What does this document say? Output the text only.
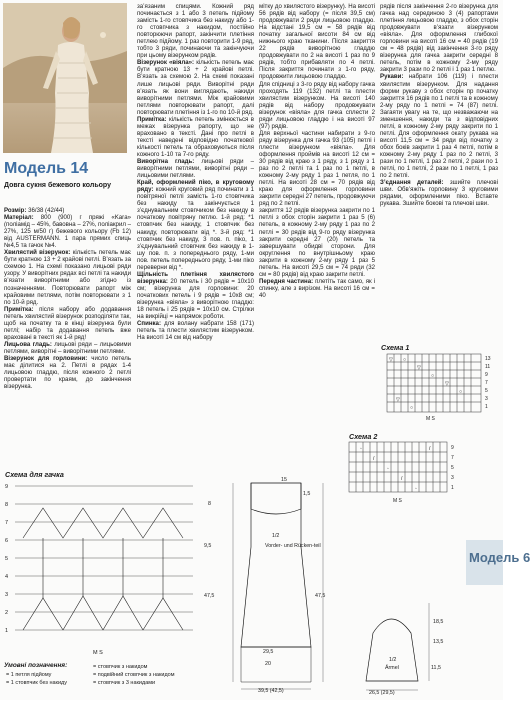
Модель 14
Довга сукня бежевого кольору

Розмір: 36/38 (42/44)

Матеріал: 800 (900) г пряжі «Kara» (поліамід – 45%, бавовна – 27%, поліакрил – 27%, 125 м/50 г) бежевого кольору (Fb 12) від AUSTERMANN. 1 пара прямих спиць №4,5 та гачок №4.

Хвилястий візерунок: кількість петель має бути кратною 13 + 2 крайові петлі. В’язать за схемою 1. На схемі показано лицьові ряди узору. У виворітних рядах всі петлі та накиди в’язати виворітними або згідно із позначеннями. Повторювати рапорт між крайовими петлями, потім повторювати з 1 по 10-й ряд.

Примітка: після набору або додавання петель хвилястий візерунок розподіляти так, щоб на початку та в кінці візерунка були петлі; набір та додавання петель вже враховані в тексті як 1-й ряд!

Лицьова гладь: лицьові ряди – лицьовими петлями, виворітні – виворітними петлями.

Візерунок для горловини: число петель має ділитися на 2. Петлі в рядах 1-4 лицьовою гладдю, після кожного 2 петлі провертати по краям, до закінчення візерунка.

за’язаним спицями. Кожний ряд починається з 1 або 3 петель підйому замість 1-го стовпчика без накиду або 1-го стовпчика з накидом, постійно повторюючи рапорт, закінчити плетіння петлею підйому. 1 раз повторити 1-9 ряд, тобто 3 ряди, починаючи та закінчуючи при цьому візерунком рядів.

Візерунок «віяла»: кількість петель має бути кратною 13 + 2 крайові петлі. В’язать за схемою 2. На схемі показані лише лицьові ряди. Виворітні ряди в’язать як вони виглядають, накиди виворітними петлями. Між крайовими петлями повторювати рапорт, далі повторювати плетіння із 1-го по 10-й ряд.

Примітка: кількість петель змінюється в межах візерунка рапорту, що не враховано в тексті. Дані про петлі в тексті наведені відповідно початкової кількості петель та обраховуються після кожного 1-10 та 7-го ряду.

Виворітна гладь: лицьові ряди – виворітними петлями, виворітні ряди – лицьовими петлями.

Край, оформлений піко, в круговому ряду: кожний круговий ряд починати з 1 повітряної петлі замість 1-го стовпчика без накиду та закінчується 1 з’єднувальним стовпчиком без накиду в початкову повітряну петлю. 1-й ряд: *1 стовпчик без накиду, 1 стовпчик без накиду, повторювати від *. 3-й ряд: *1 стовпчик без накиду, 3 пов. п. піко, 1 з’єднувальний стовпчик без накиду в 1-шу пов. п. з попереднього ряду, 1-ми пов. петель попереднього ряду, 1-ми піко переверни від *.

Щільність плетіння хвилястого візерунка: 20 петель і 30 рядів = 10х10 см; візерунка для горловини: 20 початкових петель і 9 рядів = 10х8 см; візерунка «віяла» з виворітною гладдю: 18 петель і 25 рядів = 10х10 см. Стрілки на викрійці = напрямок роботи.

Спинка: для волану набрати 158 (171) петель та плести хвилястим візерунком. На висоті 14 см від набору

мітку до хвилястого візерунку). На висоті 56 рядів від набору (= після 39,5 см) продовжувати 2 ряди лицьовою гладдю. На відстані 19,5 см = 58 рядів від початку загальної висоти 84 см від нижнього краю тканини. Після закриття 22 рядів виворітною гладдю продовжувати по 2 на висоті 1 раз по 9 рядів, тобто прибавляти по 4 петлі. Після закриття починати з 1-го ряду, продовжити лицьовою гладдю.

Для спідниці з 3-го ряду від набору гачка проходять 119 (132) петлі та плести хвилястим візерунком. На висоті 140 рядів від набору продовжувати візерунок «віяла» для гачка сплести 2 ряди лицьовою гладдю і на висоті 97 (97) рядів.

Для верхньої частини набирати з 9-го ряду візерунка для гачка 93 (105) петлі і плести візерунком «віяла». Для оформлення проймів на висоті 12 см = 30 рядів від краю з 1 ряду, з 1 ряду з 1 раз по 2 петлі та 1 раз по 1 петлі, в кожному 2-му ряду 1 раз 1 петля, по 1 петлі. На висоті 28 см = 70 рядів від краю для оформлення горловини закрити середні 27 петель, продовжуючи ряд по 2 петлі.

закриття 12 рядів візерунка закрити по 1 петлі з обох сторін закрити 1 раз 5 (6) петель, в кожному 2-му ряду 1 раз по 2 петлі = 30 рядів від 9-го ряду візерунка закрити середні 27 (20) петель та завершувати обидві сторони. Для округлення по внутрішньому краю закрити в кожному 2-му ряду 1 раз 5 петель. На висоті 29,5 см = 74 ряди (32 см = 80 рядів) від краю закрити петлі.

Передня частина: плетіть так само, як і спинку, але з вирізом. На висоті 16 см = 40

рядів після закінчення 2-го візерунка для гачка над серединою 3 (4) рапортами плетіння лицьовою гладдю, з обох сторін продовжувати в’язати візерунком «віяла». Для оформлення глибокої горловини на висоті 16 см = 40 рядів (19 см = 48 рядів) від закінчення 3-го ряду візерунка для гачка закрити середні 8 петель, потім в кожному 2-му ряду закрити 3 рази по 2 петлі і 1 раз 1 петлю.

Рукави: набрати 106 (119) і плести хвилястим візерунком. Для надання форми рукаву з обох сторін пр початку закриття 16 рядів по 1 петлі та в кожному 2-му ряду по 1 петлі = 74 (87) петлі. Загаяти увагу на те, що незважаючи на зменшення, накиди та з відповідних петлі, в кожному 2-му ряду закрити по 1 петлі. Для оформлення окату рукава на висоті 11,5 см = 34 ряди від початку з обох боків закрити 1 раз 4 петлі, потім в кожному 2-му ряду 1 раз по 2 петлі, 3 рази по 1 петлі, 1 раз 2 петлі, 2 рази по 1 петлі, по 1 петлі, 2 рази по 1 петлі, 1 раз по 2 петлі.

З’єднання деталей: зшийте плечові шви. Обв’яжіть горловину 3 круговими рядами, оформленими піко. Вставте рукава. Зшийте бокові та плечові шви.

Схема 1
▽ ○
▽
○
▽
○
▽
○
13
11
9
7
5
3
1
M S
Схема для гачка
9
8
7
6
5
4
3
2
1
M S
Умовні позначення:
= 1 петля підйому
= 1 стовпчик без накиду
= стовпчик з накидом
= подвійний стовпчик з накидом
= стовпчик з 3 накидами
1/2
Vorder- und Rücken-teil
8
9,5
47,5	47,5
29,5
20
39,5 (42,5)
15
1,5
Схема 2
◦
/
◦
/
◦
/	9
7
5
3
1
M S
Модель 6
1/2
Ärmel
18,5
13,5
26,5 (29,5)
11,5
